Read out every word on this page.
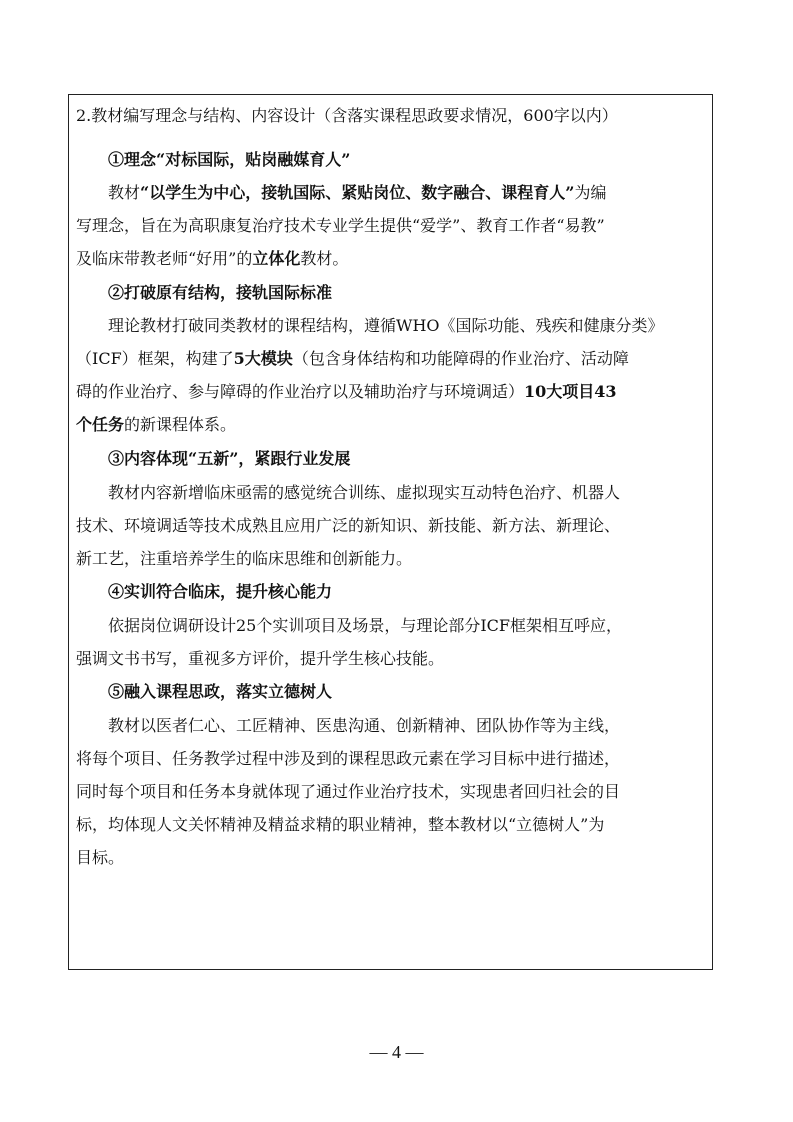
2.教材编写理念与结构、内容设计（含落实课程思政要求情况，600字以内）
①理念“对标国际，贴岗融媒育人”
教材“以学生为中心，接轨国际、紧贴岗位、数字融合、课程育人”为编
写理念，旨在为高职康复治疗技术专业学生提供“爱学”、教育工作者“易教”
及临床带教老师“好用”的立体化教材。
②打破原有结构，接轨国际标准
理论教材打破同类教材的课程结构，遵循WHO《国际功能、残疾和健康分类》
（ICF）框架，构建了5大模块（包含身体结构和功能障碍的作业治疗、活动障
碍的作业治疗、参与障碍的作业治疗以及辅助治疗与环境调适）10大项目43
个任务的新课程体系。
③内容体现“五新”，紧跟行业发展
教材内容新增临床亟需的感觉统合训练、虚拟现实互动特色治疗、机器人
技术、环境调适等技术成熟且应用广泛的新知识、新技能、新方法、新理论、
新工艺，注重培养学生的临床思维和创新能力。
④实训符合临床，提升核心能力
依据岗位调研设计25个实训项目及场景，与理论部分ICF框架相互呼应，
强调文书书写，重视多方评价，提升学生核心技能。
⑤融入课程思政，落实立德树人
教材以医者仁心、工匠精神、医患沟通、创新精神、团队协作等为主线，
将每个项目、任务教学过程中涉及到的课程思政元素在学习目标中进行描述，
同时每个项目和任务本身就体现了通过作业治疗技术，实现患者回归社会的目
标，均体现人文关怀精神及精益求精的职业精神，整本教材以“立德树人”为
目标。
— 4 —
